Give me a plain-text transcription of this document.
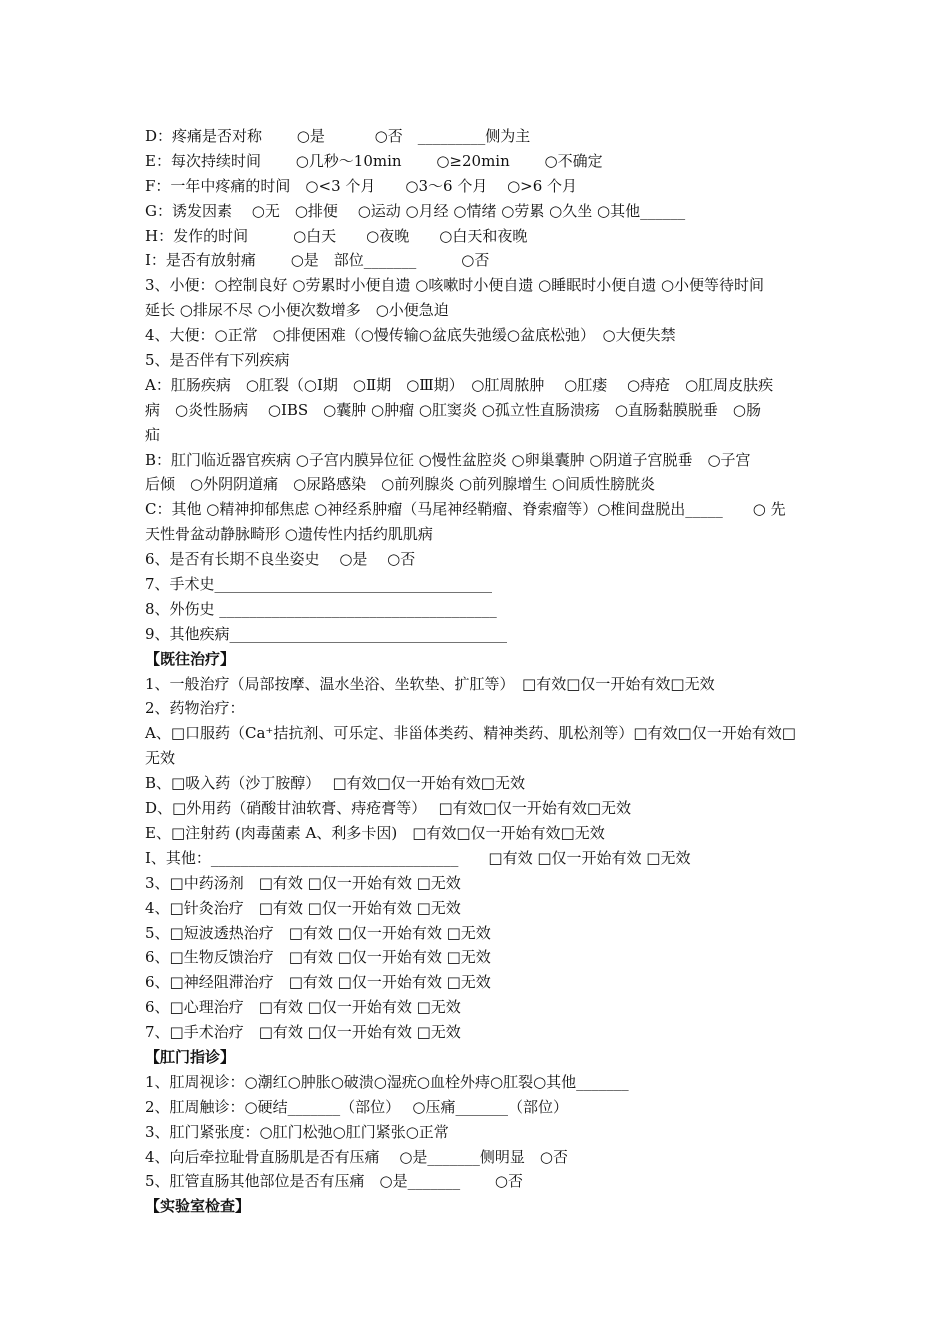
D：疼痛是否对称　　 ○是　　　 ○否　_________侧为主
E：每次持续时间　　 ○几秒～10min　　 ○≥20min　　 ○不确定
F：一年中疼痛的时间　○<3 个月　　○3～6 个月　 ○>6 个月
G：诱发因素　 ○无　○排便　 ○运动 ○月经 ○情绪 ○劳累 ○久坐 ○其他______
H：发作的时间　　　○白天　　○夜晚　　○白天和夜晚
I：是否有放射痛　　 ○是　部位_______　　　○否
3、小便：○控制良好 ○劳累时小便自遗 ○咳嗽时小便自遗 ○睡眠时小便自遗 ○小便等待时间
延长 ○排尿不尽 ○小便次数增多　○小便急迫
4、大便：○正常　○排便困难（○慢传输○盆底失弛缓○盆底松弛）　○大便失禁
5、是否伴有下列疾病
A：肛肠疾病　○肛裂（○Ⅰ期　○Ⅱ期　○Ⅲ期）　○肛周脓肿　 ○肛瘘　 ○痔疮　○肛周皮肤疾
病　○炎性肠病　 ○IBS　○囊肿 ○肿瘤 ○肛窦炎 ○孤立性直肠溃疡　○直肠黏膜脱垂　○肠
疝
B：肛门临近器官疾病 ○子宫内膜异位征 ○慢性盆腔炎 ○卵巢囊肿 ○阴道子宫脱垂　○子宫
后倾　○外阴阴道痛　○尿路感染　○前列腺炎 ○前列腺增生 ○间质性膀胱炎
C：其他 ○精神抑郁焦虑 ○神经系肿瘤（马尾神经鞘瘤、脊索瘤等）○椎间盘脱出_____　　○ 先
天性骨盆动静脉畸形 ○遗传性内括约肌肌病
6、是否有长期不良坐姿史　 ○是　 ○否
7、手术史_____________________________________
8、外伤史 _____________________________________
9、其他疾病_____________________________________
【既往治疗】
1、一般治疗（局部按摩、温水坐浴、坐软垫、扩肛等）　□有效□仅一开始有效□无效
2、药物治疗：
A、□口服药（Ca⁺拮抗剂、可乐定、非甾体类药、精神类药、肌松剂等）□有效□仅一开始有效□
无效
B、□吸入药（沙丁胺醇）　 □有效□仅一开始有效□无效
D、□外用药（硝酸甘油软膏、痔疮膏等）　 □有效□仅一开始有效□无效
E、□注射药 (肉毒菌素 A、利多卡因)　□有效□仅一开始有效□无效
I、其他：_________________________________　　□有效 □仅一开始有效 □无效
3、□中药汤剂　□有效 □仅一开始有效 □无效
4、□针灸治疗　□有效 □仅一开始有效 □无效
5、□短波透热治疗　□有效 □仅一开始有效 □无效
6、□生物反馈治疗　□有效 □仅一开始有效 □无效
6、□神经阻滞治疗　□有效 □仅一开始有效 □无效
6、□心理治疗　□有效 □仅一开始有效 □无效
7、□手术治疗　□有效 □仅一开始有效 □无效
【肛门指诊】
1、肛周视诊：○潮红○肿胀○破溃○湿疣○血栓外痔○肛裂○其他_______
2、肛周触诊：○硬结_______（部位）　 ○压痛_______（部位）
3、肛门紧张度：○肛门松弛○肛门紧张○正常
4、向后牵拉耻骨直肠肌是否有压痛　 ○是_______侧明显　○否
5、肛管直肠其他部位是否有压痛　○是_______　　 ○否
【实验室检查】
